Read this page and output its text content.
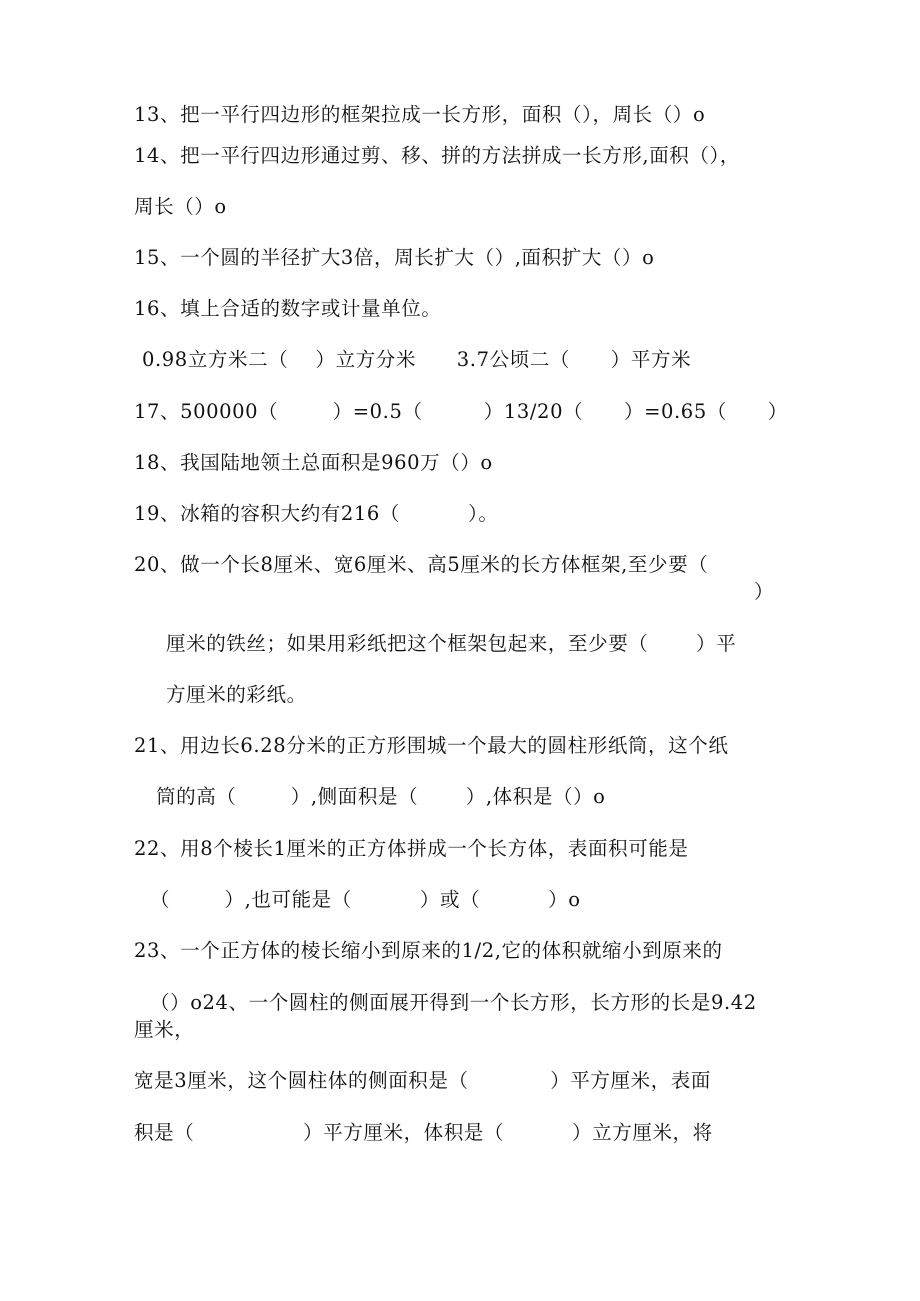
13、把一平行四边形的框架拉成一长方形，面积（），周长（）o
14、把一平行四边形通过剪、移、拼的方法拼成一长方形,面积（），
周长（）o
15、一个圆的半径扩大3倍，周长扩大（）,面积扩大（）o
16、填上合适的数字或计量单位。
0.98立方米二（    ）立方分米      3.7公顷二（      ）平方米
17、500000（        ）=0.5（         ）13/20（      ）=0.65（      ）
18、我国陆地领土总面积是960万（）o
19、冰箱的容积大约有216（          ）。
20、做一个长8厘米、宽6厘米、高5厘米的长方体框架,至少要（
）
厘米的铁丝；如果用彩纸把这个框架包起来，至少要（       ）平
方厘米的彩纸。
21、用边长6.28分米的正方形围城一个最大的圆柱形纸筒，这个纸
筒的高（        ）,侧面积是（       ）,体积是（）o
22、用8个棱长1厘米的正方体拼成一个长方体，表面积可能是
（        ）,也可能是（          ）或（          ）o
23、一个正方体的棱长缩小到原来的1/2,它的体积就缩小到原来的
（）o24、一个圆柱的侧面展开得到一个长方形，长方形的长是9.42
厘米，
宽是3厘米，这个圆柱体的侧面积是（            ）平方厘米，表面
积是（                ）平方厘米，体积是（          ）立方厘米，将
